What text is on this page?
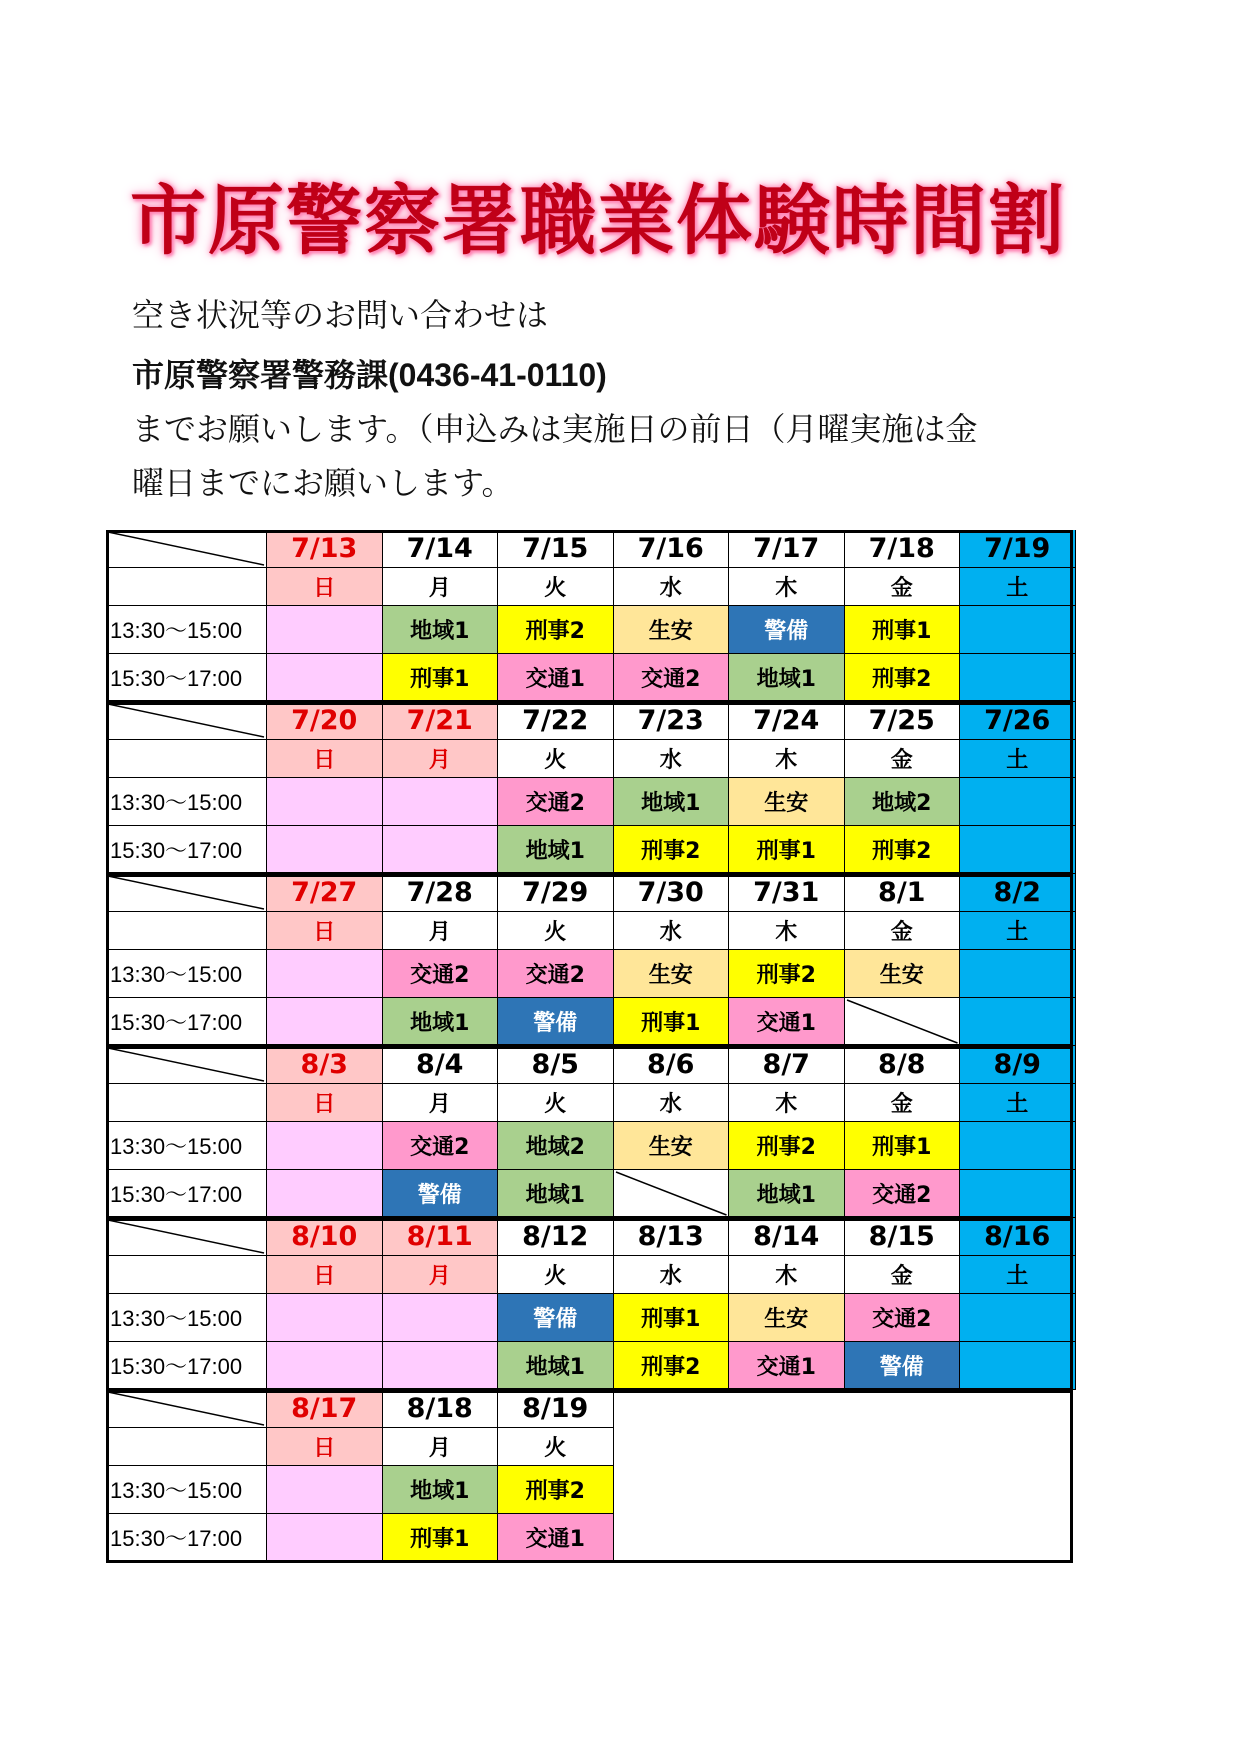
市原警察署職業体験時間割
空き状況等のお問い合わせは
市原警察署警務課(0436-41-0110)
までお願いします。（申込みは実施日の前日（月曜実施は金
曜日までにお願いします。
13:30～15:00
15:30～17:00
7/13
日
7/14
月
地域1
刑事1
7/15
火
刑事2
交通1
7/16
水
生安
交通2
7/17
木
警備
地域1
7/18
金
刑事1
刑事2
7/19
土
13:30～15:00
15:30～17:00
7/20
日
7/21
月
7/22
火
交通2
地域1
7/23
水
地域1
刑事2
7/24
木
生安
刑事1
7/25
金
地域2
刑事2
7/26
土
13:30～15:00
15:30～17:00
7/27
日
7/28
月
交通2
地域1
7/29
火
交通2
警備
7/30
水
生安
刑事1
7/31
木
刑事2
交通1
8/1
金
生安
8/2
土
13:30～15:00
15:30～17:00
8/3
日
8/4
月
交通2
警備
8/5
火
地域2
地域1
8/6
水
生安
8/7
木
刑事2
地域1
8/8
金
刑事1
交通2
8/9
土
13:30～15:00
15:30～17:00
8/10
日
8/11
月
8/12
火
警備
地域1
8/13
水
刑事1
刑事2
8/14
木
生安
交通1
8/15
金
交通2
警備
8/16
土
13:30～15:00
15:30～17:00
8/17
日
8/18
月
地域1
刑事1
8/19
火
刑事2
交通1
